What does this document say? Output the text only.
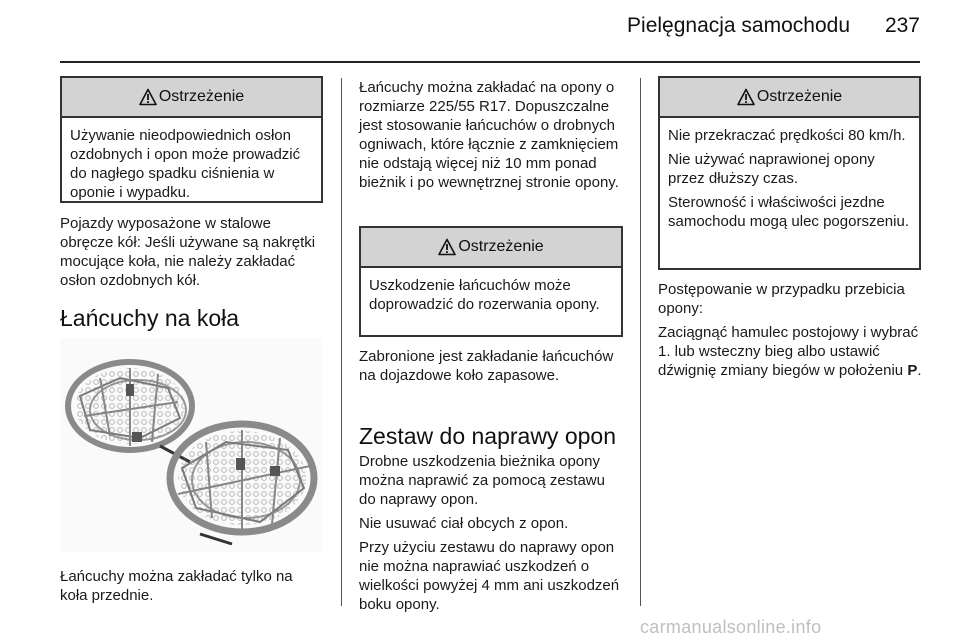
Pielęgnacja samochodu	237
Ostrzeżenie

Używanie nieodpowiednich osłon ozdobnych i opon może prowadzić do nagłego spadku ciśnienia w oponie i wypadku.

Pojazdy wyposażone w stalowe obręcze kół: Jeśli używane są nakrętki mocujące koła, nie należy zakładać osłon ozdobnych kół.

Łańcuchy na koła

Łańcuchy można zakładać tylko na koła przednie.

Łańcuchy można zakładać na opony o rozmiarze 225/55 R17. Dopuszczalne jest stosowanie łańcuchów o drobnych ogniwach, które łącznie z zamknięciem nie odstają więcej niż 10 mm ponad bieżnik i po wewnętrznej stronie opony.

Ostrzeżenie

Uszkodzenie łańcuchów może doprowadzić do rozerwania opony.

Zabronione jest zakładanie łańcuchów na dojazdowe koło zapasowe.

Zestaw do naprawy opon

Drobne uszkodzenia bieżnika opony można naprawić za pomocą zestawu do naprawy opon.

Nie usuwać ciał obcych z opon.

Przy użyciu zestawu do naprawy opon nie można naprawiać uszkodzeń o wielkości powyżej 4 mm ani uszkodzeń boku opony.

Ostrzeżenie

Nie przekraczać prędkości 80 km/h.

Nie używać naprawionej opony przez dłuższy czas.

Sterowność i właściwości jezdne samochodu mogą ulec pogorszeniu.

Postępowanie w przypadku przebicia opony:

Zaciągnąć hamulec postojowy i wybrać 1. lub wsteczny bieg albo ustawić dźwignię zmiany biegów w położeniu P.

carmanualsonline.info
